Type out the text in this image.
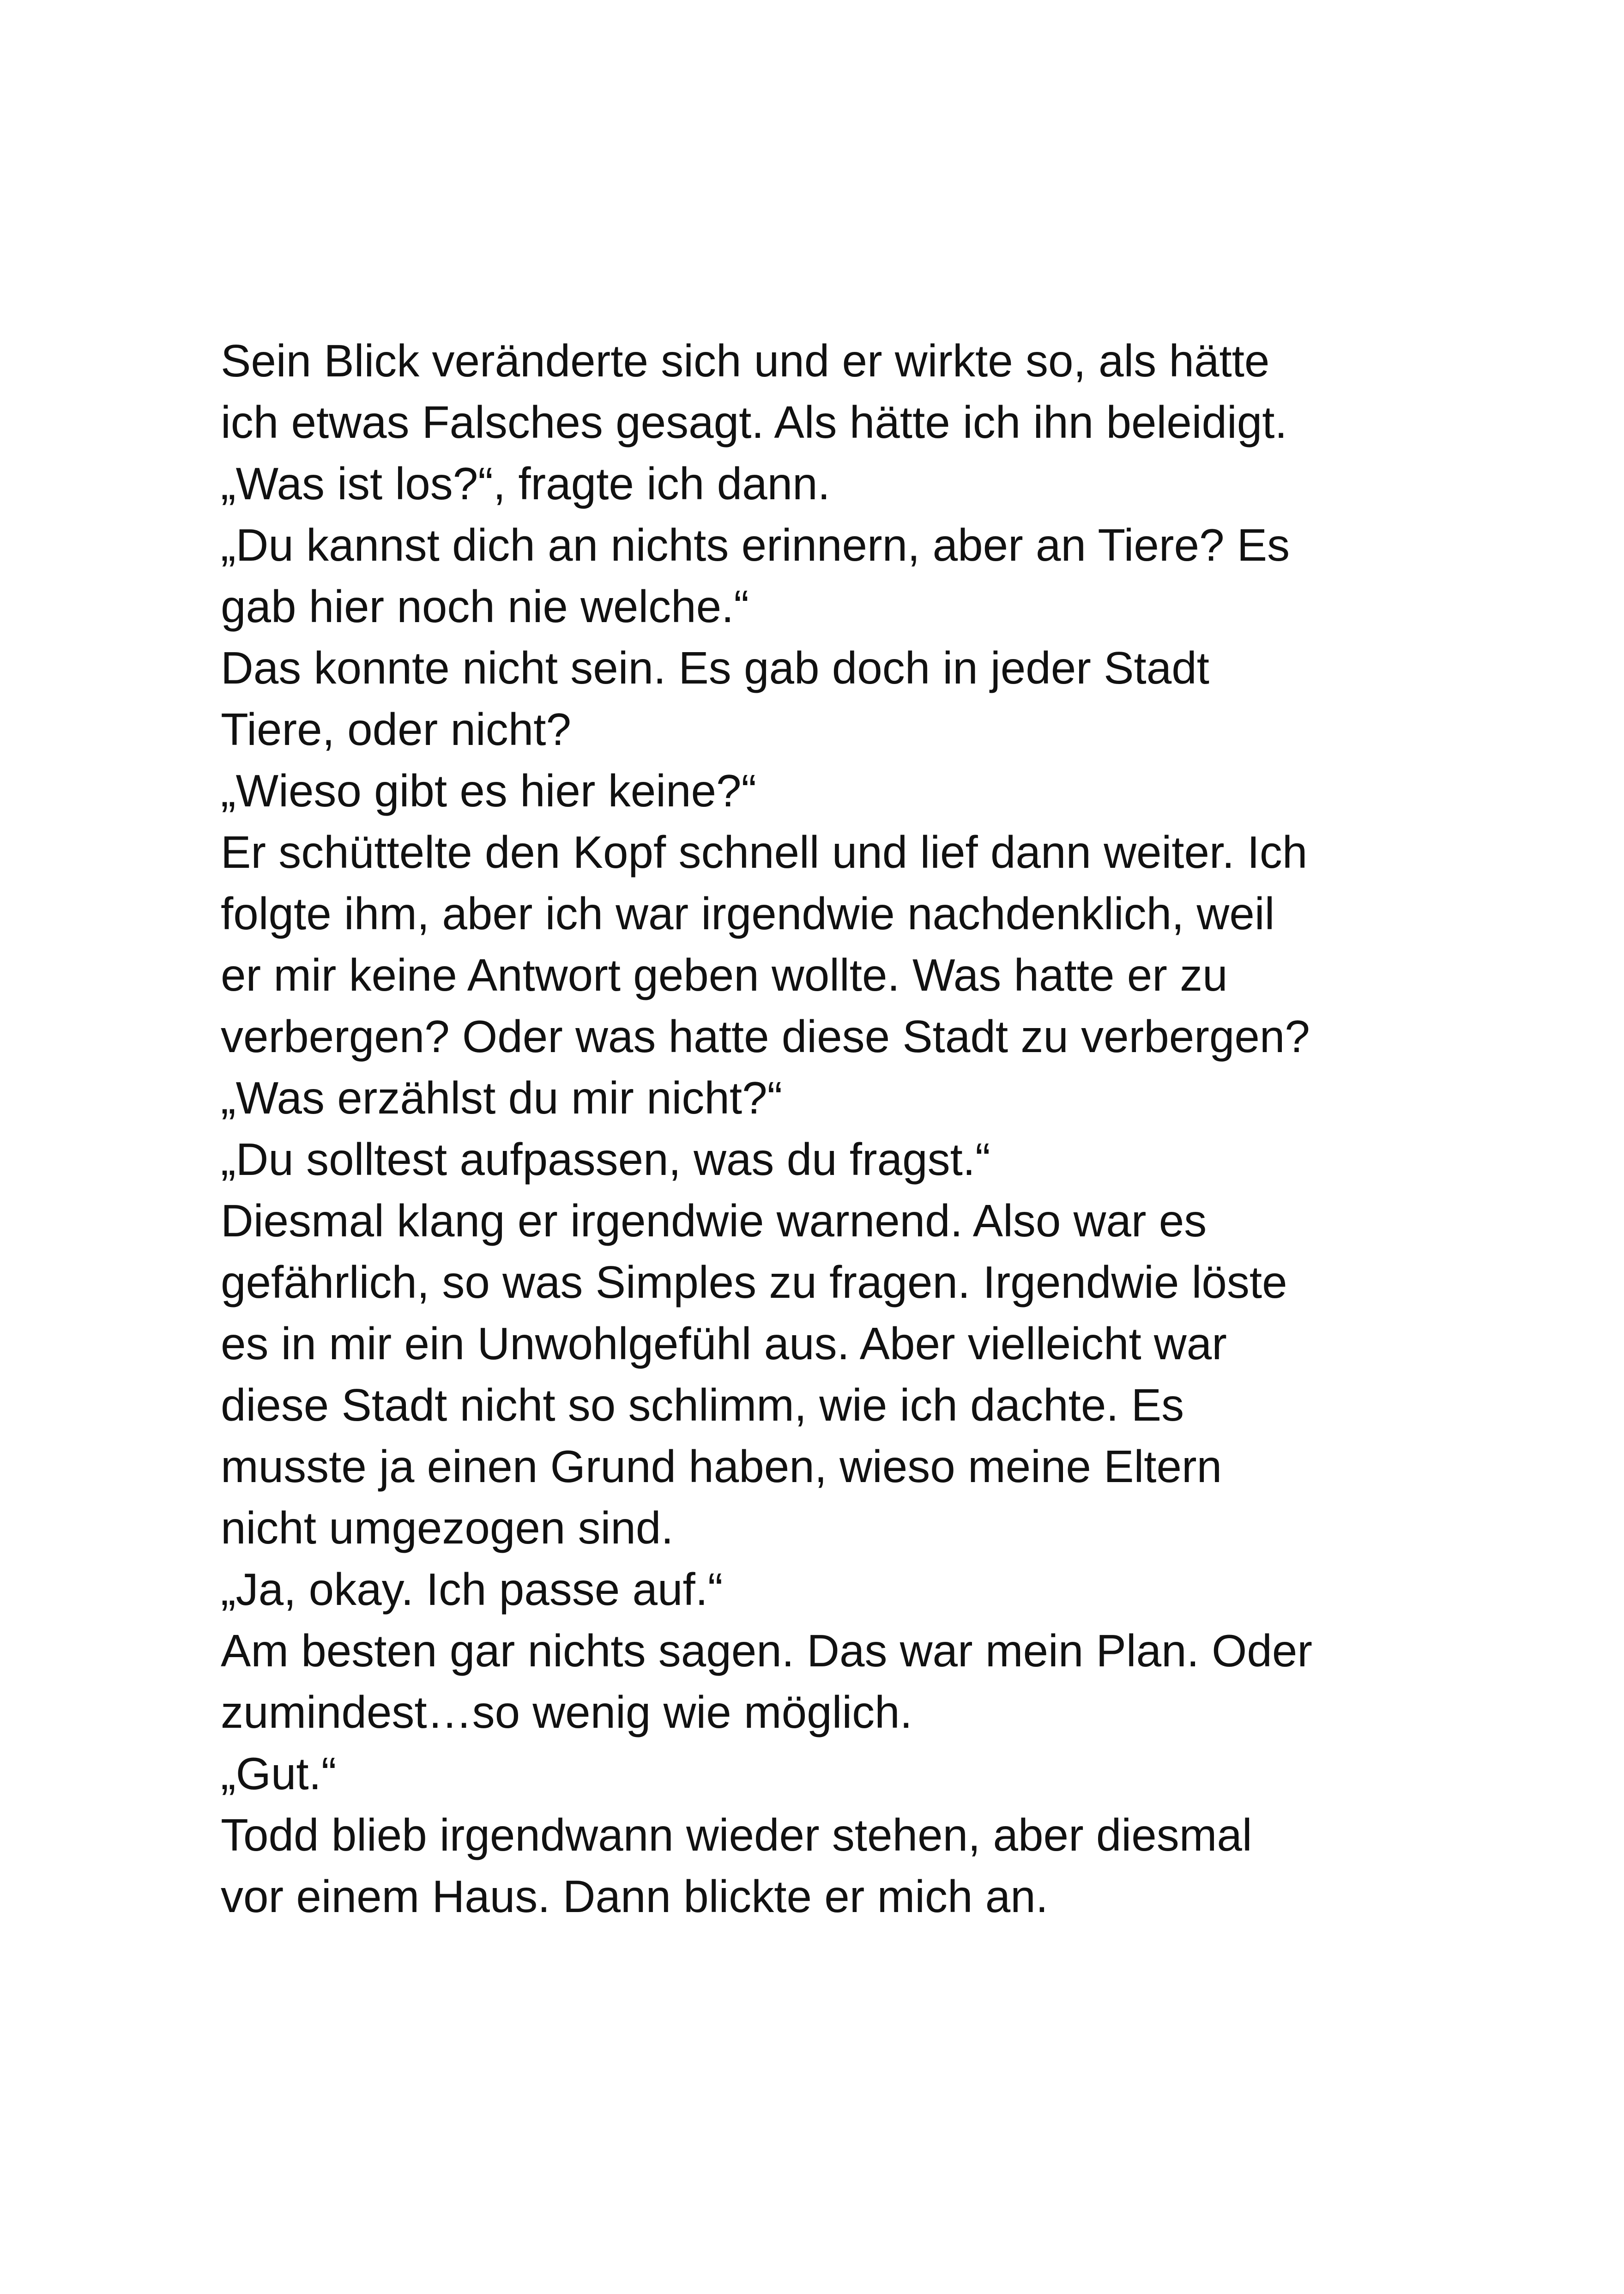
Sein Blick veränderte sich und er wirkte so, als hätte
ich etwas Falsches gesagt. Als hätte ich ihn beleidigt.
„Was ist los?“, fragte ich dann.
„Du kannst dich an nichts erinnern, aber an Tiere? Es
gab hier noch nie welche.“
Das konnte nicht sein. Es gab doch in jeder Stadt
Tiere, oder nicht?
„Wieso gibt es hier keine?“
Er schüttelte den Kopf schnell und lief dann weiter. Ich
folgte ihm, aber ich war irgendwie nachdenklich, weil
er mir keine Antwort geben wollte. Was hatte er zu
verbergen? Oder was hatte diese Stadt zu verbergen?
„Was erzählst du mir nicht?“
„Du solltest aufpassen, was du fragst.“
Diesmal klang er irgendwie warnend. Also war es
gefährlich, so was Simples zu fragen. Irgendwie löste
es in mir ein Unwohlgefühl aus. Aber vielleicht war
diese Stadt nicht so schlimm, wie ich dachte. Es
musste ja einen Grund haben, wieso meine Eltern
nicht umgezogen sind.
„Ja, okay. Ich passe auf.“
Am besten gar nichts sagen. Das war mein Plan. Oder
zumindest…so wenig wie möglich.
„Gut.“
Todd blieb irgendwann wieder stehen, aber diesmal
vor einem Haus. Dann blickte er mich an.
